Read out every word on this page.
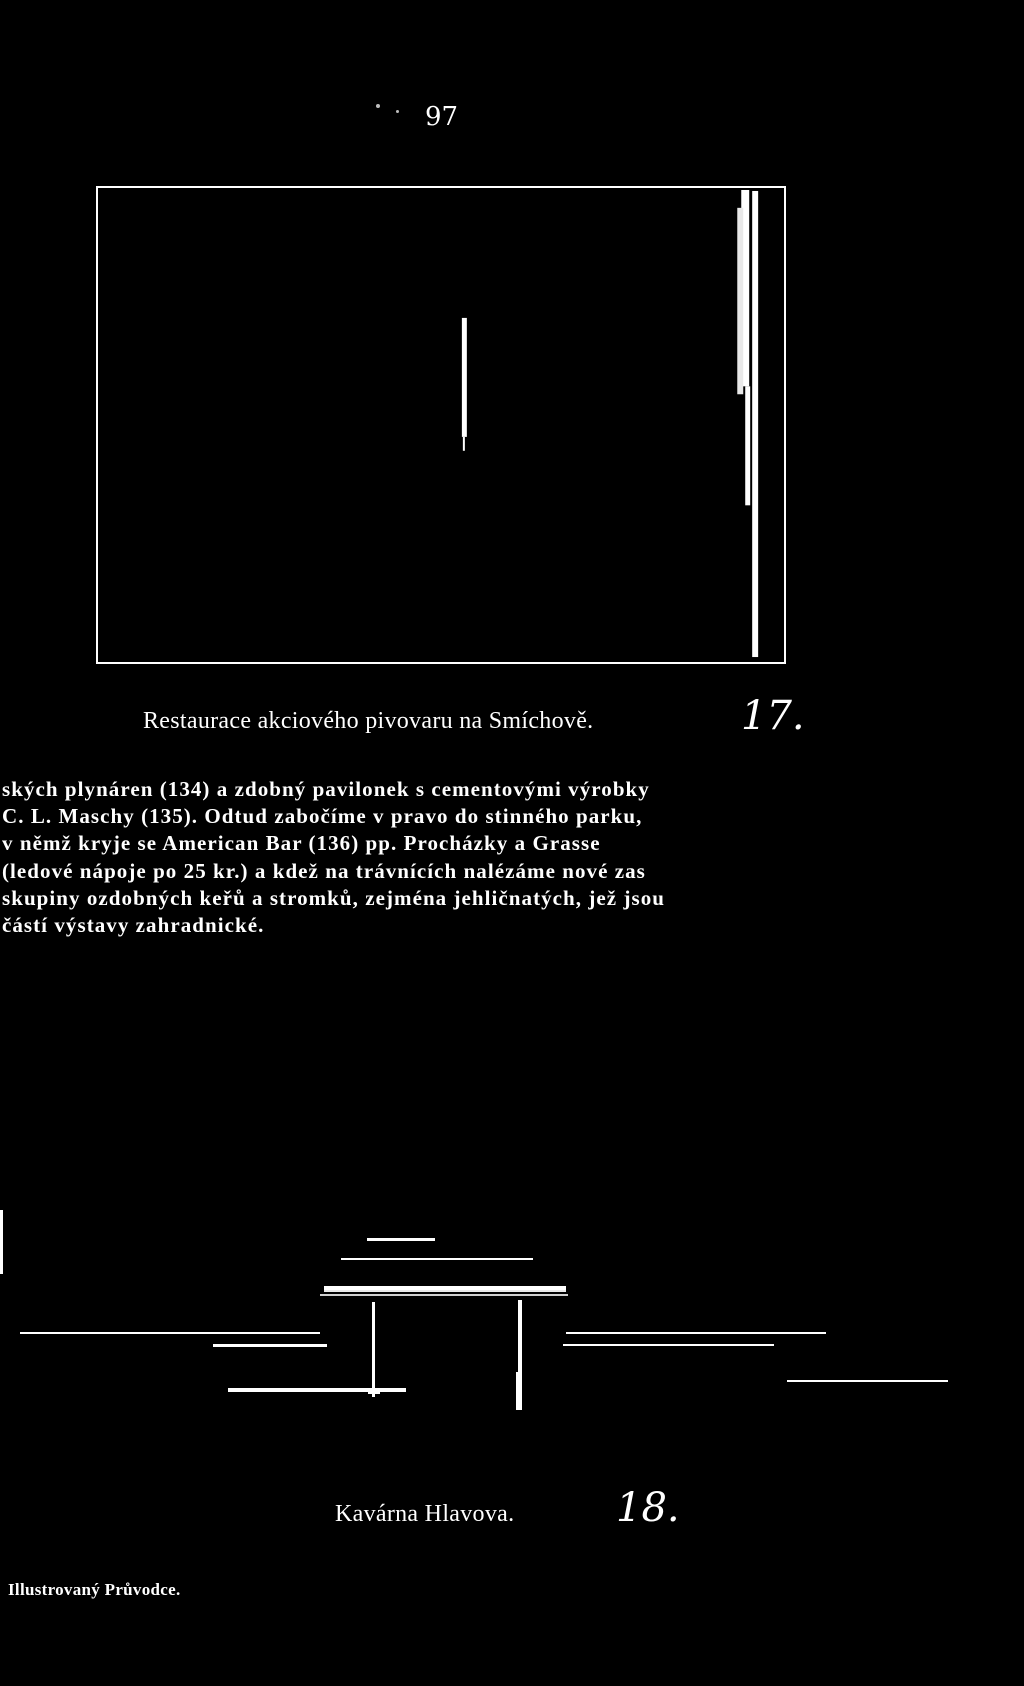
97
Restaurace akciového pivovaru na Smíchově.	17.
ských plynáren (134) a zdobný pavilonek s cementovými výrobky
C. L. Maschy (135). Odtud zabočíme v pravo do stinného parku,
v němž kryje se American Bar (136) pp. Procházky a Grasse
(ledové nápoje po 25 kr.) a kdež na trávnících nalézáme nové zas
skupiny ozdobných keřů a stromků, zejména jehličnatých, jež jsou
částí výstavy zahradnické.
Kavárna Hlavova.	18.
Illustrovaný Průvodce.
